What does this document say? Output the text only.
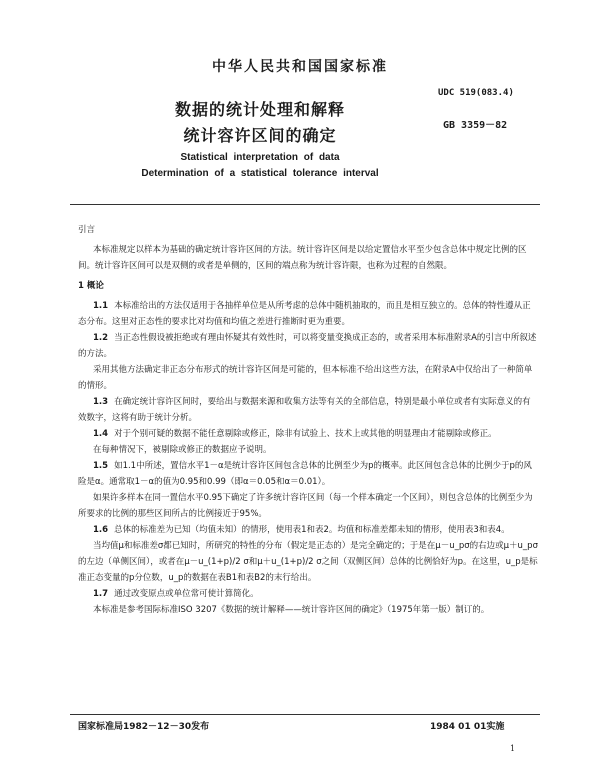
中华人民共和国国家标准
UDC 519(083.4)
GB 3359－82
数据的统计处理和解释
统计容许区间的确定
Statistical interpretation of data
Determination of a statistical tolerance interval

引言

本标准规定以样本为基础的确定统计容许区间的方法。统计容许区间是以给定置信水平至少包含总体中规定比例的区间。统计容许区间可以是双侧的或者是单侧的，区间的端点称为统计容许限，也称为过程的自然限。

1 概论

1.1 本标准给出的方法仅适用于各抽样单位是从所考虑的总体中随机抽取的，而且是相互独立的。总体的特性遵从正态分布。这里对正态性的要求比对均值和均值之差进行推断时更为重要。

1.2 当正态性假设被拒绝或有理由怀疑其有效性时，可以将变量变换成正态的，或者采用本标准附录A的引言中所叙述的方法。

采用其他方法确定非正态分布形式的统计容许区间是可能的，但本标准不给出这些方法，在附录A中仅给出了一种简单的情形。

1.3 在确定统计容许区间时，要给出与数据来源和收集方法等有关的全部信息，特别是最小单位或者有实际意义的有效数字，这将有助于统计分析。

1.4 对于个别可疑的数据不能任意剔除或修正，除非有试验上、技术上或其他的明显理由才能剔除或修正。

在每种情况下，被剔除或修正的数据应予说明。

1.5 如1.1中所述，置信水平1－α是统计容许区间包含总体的比例至少为p的概率。此区间包含总体的比例少于p的风险是α。通常取1－α的值为0.95和0.99（即α＝0.05和α＝0.01）。

如果许多样本在同一置信水平0.95下确定了许多统计容许区间（每一个样本确定一个区间），则包含总体的比例至少为所要求的比例的那些区间所占的比例接近于95%。

1.6 总体的标准差为已知（均值未知）的情形，使用表1和表2。均值和标准差都未知的情形，使用表3和表4。

当均值μ和标准差σ都已知时，所研究的特性的分布（假定是正态的）是完全确定的；于是在μ－u_pσ的右边或μ＋u_pσ的左边（单侧区间），或者在μ－u_(1+p)/2 σ和μ＋u_(1+p)/2 σ之间（双侧区间）总体的比例恰好为p。在这里，u_p是标准正态变量的p分位数，u_p的数据在表B1和表B2的末行给出。

1.7 通过改变原点或单位常可使计算简化。

本标准是参考国际标准ISO 3207《数据的统计解释——统计容许区间的确定》（1975年第一版）制订的。

国家标准局1982－12－30发布	1984 01 01实施
1
